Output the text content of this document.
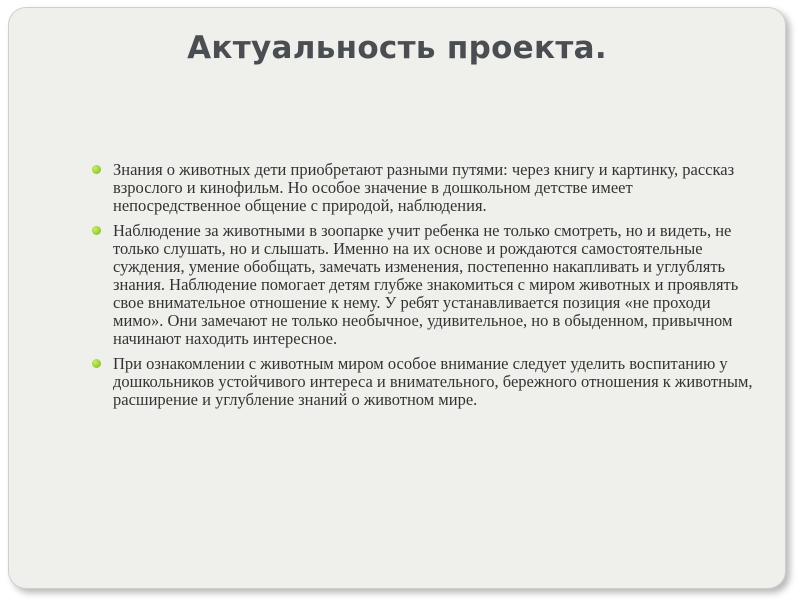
Актуальность проекта.
Знания о животных дети приобретают разными путями: через книгу и картинку, рассказ взрослого и кинофильм. Но особое значение в дошкольном детстве имеет непосредственное общение с природой, наблюдения.
Наблюдение за животными в зоопарке учит ребенка не только смотреть, но и видеть, не только слушать, но и слышать. Именно на их основе и рождаются самостоятельные суждения, умение обобщать, замечать изменения, постепенно накапливать и углублять знания. Наблюдение помогает детям глубже знакомиться с миром животных и проявлять свое внимательное отношение к нему. У ребят устанавливается позиция «не проходи мимо». Они замечают не только необычное, удивительное, но в обыденном, привычном начинают находить интересное.
При ознакомлении с животным миром особое внимание следует уделить воспитанию у дошкольников устойчивого интереса и внимательного, бережного отношения к животным, расширение и углубление знаний о животном мире.
